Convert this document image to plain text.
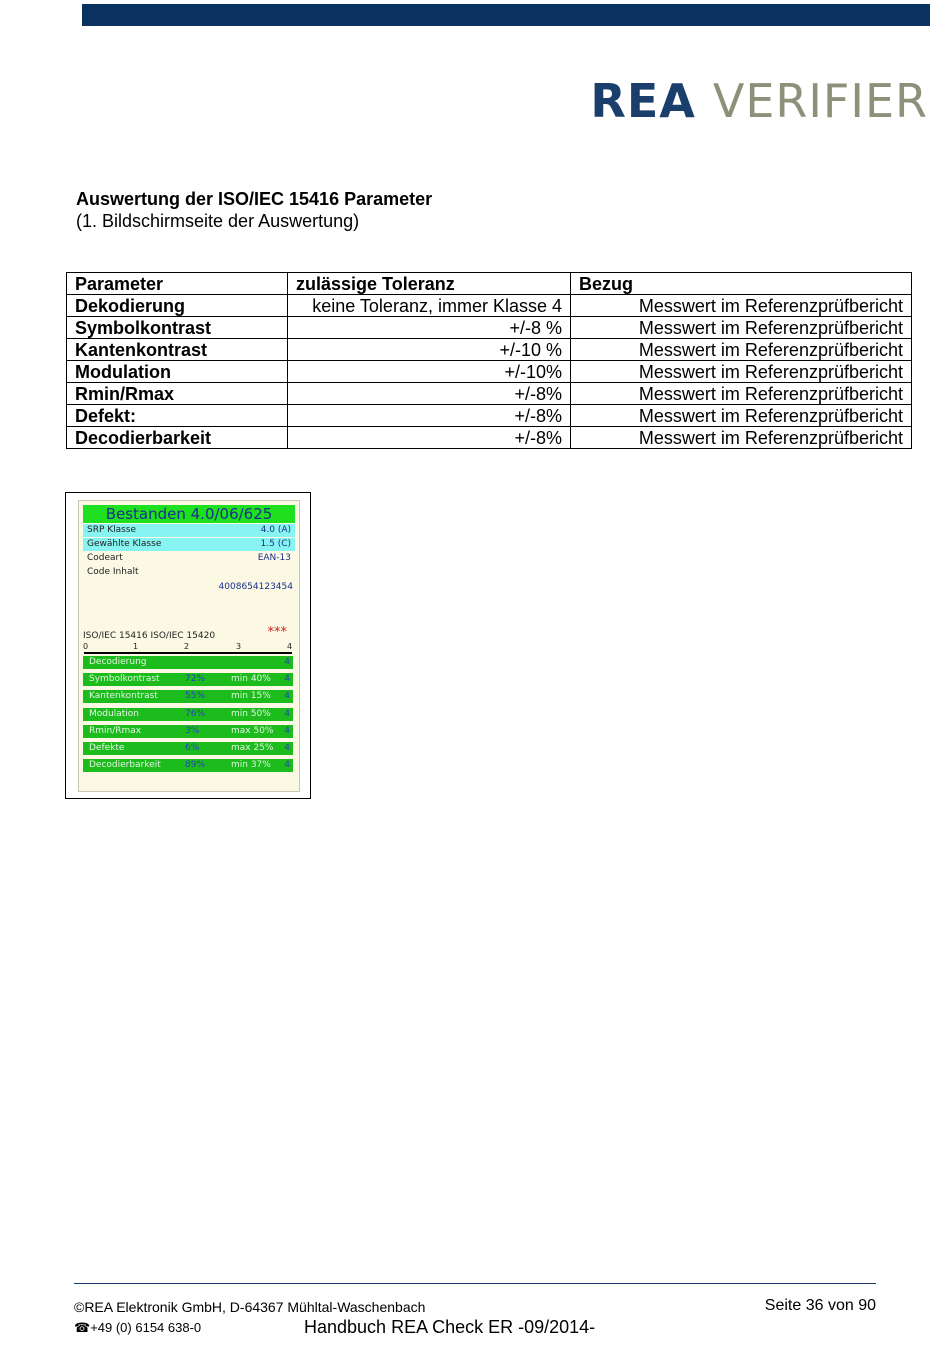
REA VERIFIER
Auswertung der ISO/IEC 15416 Parameter
(1. Bildschirmseite der Auswertung)
Parameter	zulässige Toleranz	Bezug
Dekodierung	keine Toleranz, immer Klasse 4	Messwert im Referenzprüfbericht
Symbolkontrast	+/-8 %	Messwert im Referenzprüfbericht
Kantenkontrast	+/-10 %	Messwert im Referenzprüfbericht
Modulation	+/-10%	Messwert im Referenzprüfbericht
Rmin/Rmax	+/-8%	Messwert im Referenzprüfbericht
Defekt:	+/-8%	Messwert im Referenzprüfbericht
Decodierbarkeit	+/-8%	Messwert im Referenzprüfbericht
Bestanden 4.0/06/625
SRP Klasse	4.0 (A)
Gewählte Klasse	1.5 (C)
Codeart	EAN-13
Code Inhalt
4008654123454
ISO/IEC 15416 ISO/IEC 15420	***
0	1	2	3	4
Decodierung	4
Symbolkontrast	72%	min 40% 4
Kantenkontrast	55%	min 15% 4
Modulation	76%	min 50% 4
Rmin/Rmax	3%	max 50% 4
Defekte	6%	max 25% 4
Decodierbarkeit	89%	min 37% 4
©REA Elektronik GmbH, D-64367 Mühltal-Waschenbach	Seite 36 von 90
☎+49 (0) 6154 638-0	Handbuch REA Check ER -09/2014-
